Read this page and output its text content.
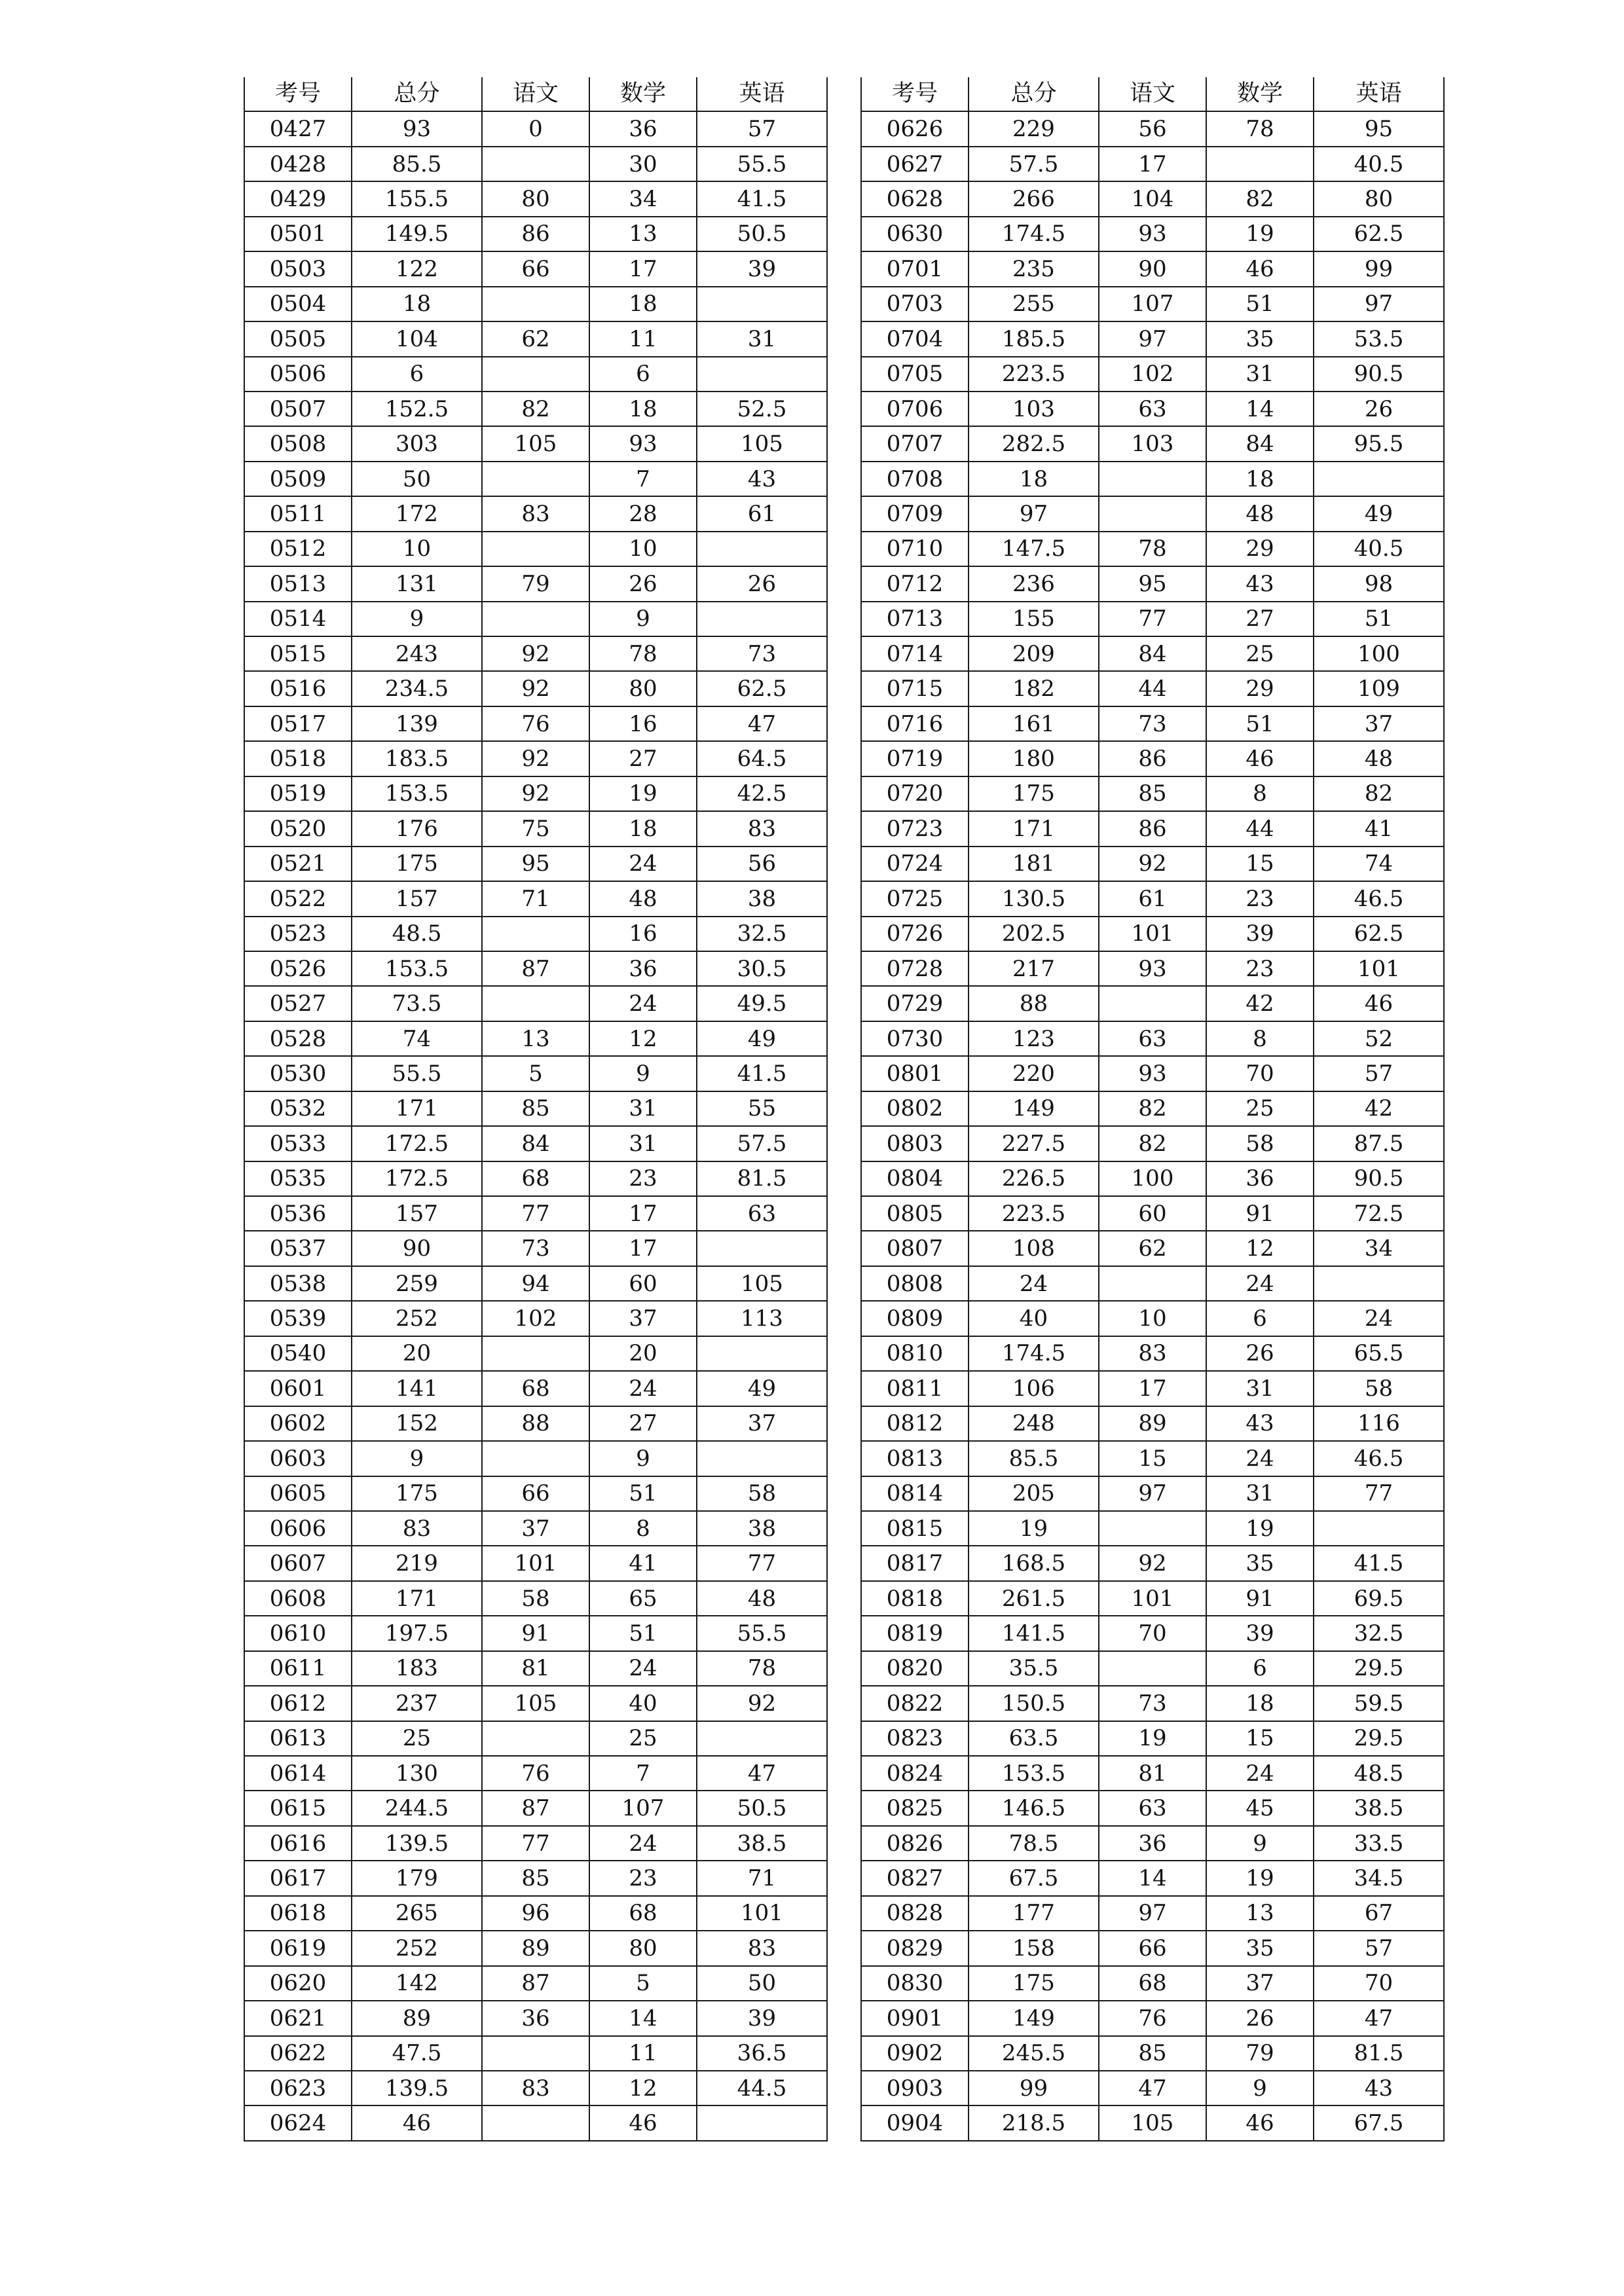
考号	总分	语文	数学	英语
0427	93	0	36	57
0428	85.5		30	55.5
0429	155.5	80	34	41.5
0501	149.5	86	13	50.5
0503	122	66	17	39
0504	18		18	
0505	104	62	11	31
0506	6		6	
0507	152.5	82	18	52.5
0508	303	105	93	105
0509	50		7	43
0511	172	83	28	61
0512	10		10	
0513	131	79	26	26
0514	9		9	
0515	243	92	78	73
0516	234.5	92	80	62.5
0517	139	76	16	47
0518	183.5	92	27	64.5
0519	153.5	92	19	42.5
0520	176	75	18	83
0521	175	95	24	56
0522	157	71	48	38
0523	48.5		16	32.5
0526	153.5	87	36	30.5
0527	73.5		24	49.5
0528	74	13	12	49
0530	55.5	5	9	41.5
0532	171	85	31	55
0533	172.5	84	31	57.5
0535	172.5	68	23	81.5
0536	157	77	17	63
0537	90	73	17	
0538	259	94	60	105
0539	252	102	37	113
0540	20		20	
0601	141	68	24	49
0602	152	88	27	37
0603	9		9	
0605	175	66	51	58
0606	83	37	8	38
0607	219	101	41	77
0608	171	58	65	48
0610	197.5	91	51	55.5
0611	183	81	24	78
0612	237	105	40	92
0613	25		25	
0614	130	76	7	47
0615	244.5	87	107	50.5
0616	139.5	77	24	38.5
0617	179	85	23	71
0618	265	96	68	101
0619	252	89	80	83
0620	142	87	5	50
0621	89	36	14	39
0622	47.5		11	36.5
0623	139.5	83	12	44.5
0624	46		46	
考号	总分	语文	数学	英语
0626	229	56	78	95
0627	57.5	17		40.5
0628	266	104	82	80
0630	174.5	93	19	62.5
0701	235	90	46	99
0703	255	107	51	97
0704	185.5	97	35	53.5
0705	223.5	102	31	90.5
0706	103	63	14	26
0707	282.5	103	84	95.5
0708	18		18	
0709	97		48	49
0710	147.5	78	29	40.5
0712	236	95	43	98
0713	155	77	27	51
0714	209	84	25	100
0715	182	44	29	109
0716	161	73	51	37
0719	180	86	46	48
0720	175	85	8	82
0723	171	86	44	41
0724	181	92	15	74
0725	130.5	61	23	46.5
0726	202.5	101	39	62.5
0728	217	93	23	101
0729	88		42	46
0730	123	63	8	52
0801	220	93	70	57
0802	149	82	25	42
0803	227.5	82	58	87.5
0804	226.5	100	36	90.5
0805	223.5	60	91	72.5
0807	108	62	12	34
0808	24		24	
0809	40	10	6	24
0810	174.5	83	26	65.5
0811	106	17	31	58
0812	248	89	43	116
0813	85.5	15	24	46.5
0814	205	97	31	77
0815	19		19	
0817	168.5	92	35	41.5
0818	261.5	101	91	69.5
0819	141.5	70	39	32.5
0820	35.5		6	29.5
0822	150.5	73	18	59.5
0823	63.5	19	15	29.5
0824	153.5	81	24	48.5
0825	146.5	63	45	38.5
0826	78.5	36	9	33.5
0827	67.5	14	19	34.5
0828	177	97	13	67
0829	158	66	35	57
0830	175	68	37	70
0901	149	76	26	47
0902	245.5	85	79	81.5
0903	99	47	9	43
0904	218.5	105	46	67.5
